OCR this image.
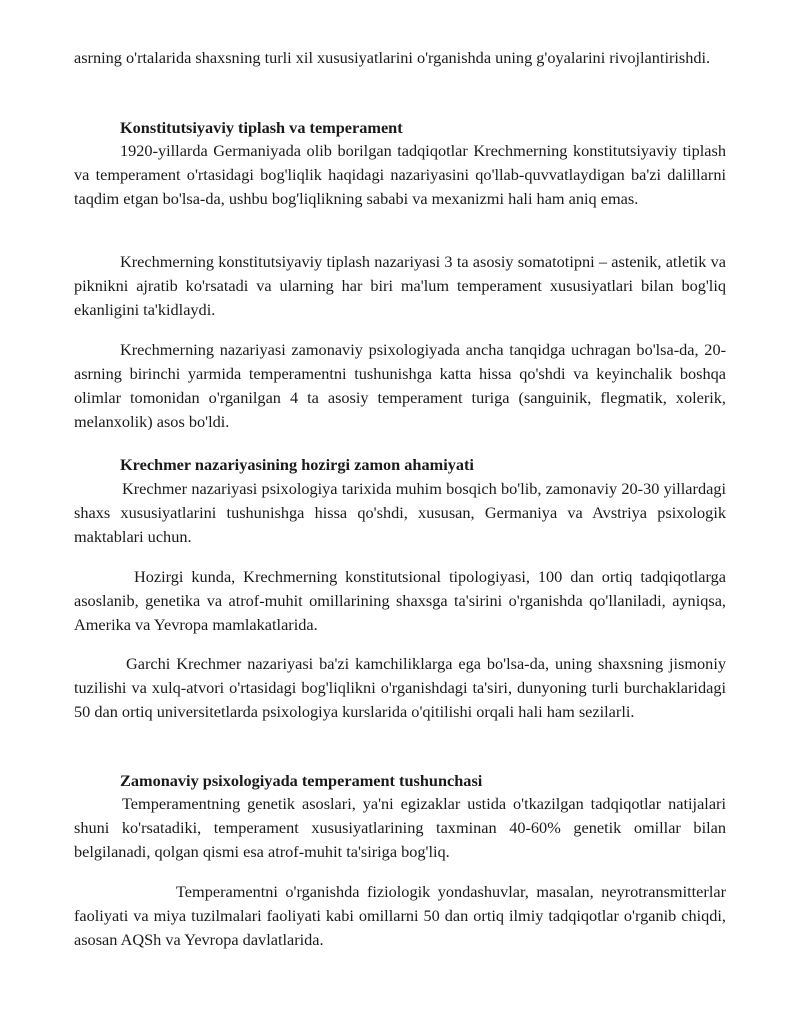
asrning o'rtalarida shaxsning turli xil xususiyatlarini o'rganishda uning g'oyalarini rivojlantirishdi.

Konstitutsiyaviy tiplash va temperament

1920-yillarda Germaniyada olib borilgan tadqiqotlar Krechmerning konstitutsiyaviy tiplash va temperament o'rtasidagi bog'liqlik haqidagi nazariyasini qo'llab-quvvatlaydigan ba'zi dalillarni taqdim etgan bo'lsa-da, ushbu bog'liqlikning sababi va mexanizmi hali ham aniq emas.

Krechmerning konstitutsiyaviy tiplash nazariyasi 3 ta asosiy somatotipni – astenik, atletik va piknikni ajratib ko'rsatadi va ularning har biri ma'lum temperament xususiyatlari bilan bog'liq ekanligini ta'kidlaydi.

Krechmerning nazariyasi zamonaviy psixologiyada ancha tanqidga uchragan bo'lsa-da, 20-asrning birinchi yarmida temperamentni tushunishga katta hissa qo'shdi va keyinchalik boshqa olimlar tomonidan o'rganilgan 4 ta asosiy temperament turiga (sanguinik, flegmatik, xolerik, melanxolik) asos bo'ldi.

Krechmer nazariyasining hozirgi zamon ahamiyati

Krechmer nazariyasi psixologiya tarixida muhim bosqich bo'lib, zamonaviy 20-30 yillardagi shaxs xususiyatlarini tushunishga hissa qo'shdi, xususan, Germaniya va Avstriya psixologik maktablari uchun.

Hozirgi kunda, Krechmerning konstitutsional tipologiyasi, 100 dan ortiq tadqiqotlarga asoslanib, genetika va atrof-muhit omillarining shaxsga ta'sirini o'rganishda qo'llaniladi, ayniqsa, Amerika va Yevropa mamlakatlarida.

Garchi Krechmer nazariyasi ba'zi kamchiliklarga ega bo'lsa-da, uning shaxsning jismoniy tuzilishi va xulq-atvori o'rtasidagi bog'liqlikni o'rganishdagi ta'siri, dunyoning turli burchaklaridagi 50 dan ortiq universitetlarda psixologiya kurslarida o'qitilishi orqali hali ham sezilarli.

Zamonaviy psixologiyada temperament tushunchasi

Temperamentning genetik asoslari, ya'ni egizaklar ustida o'tkazilgan tadqiqotlar natijalari shuni ko'rsatadiki, temperament xususiyatlarining taxminan 40-60% genetik omillar bilan belgilanadi, qolgan qismi esa atrof-muhit ta'siriga bog'liq.

Temperamentni o'rganishda fiziologik yondashuvlar, masalan, neyrotransmitterlar faoliyati va miya tuzilmalari faoliyati kabi omillarni 50 dan ortiq ilmiy tadqiqotlar o'rganib chiqdi, asosan AQSh va Yevropa davlatlarida.
